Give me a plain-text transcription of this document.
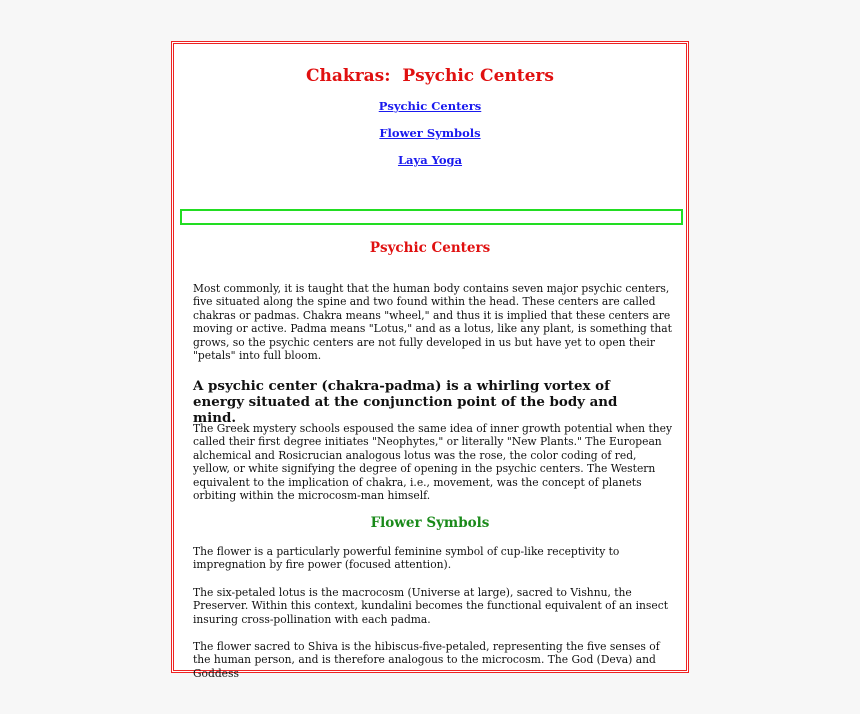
Chakras:  Psychic Centers
Psychic Centers
Flower Symbols
Laya Yoga
Psychic Centers

Most commonly, it is taught that the human body contains seven major psychic centers, five situated along the spine and two found within the head. These centers are called chakras or padmas. Chakra means "wheel," and thus it is implied that these centers are moving or active. Padma means "Lotus," and as a lotus, like any plant, is something that grows, so the psychic centers are not fully developed in us but have yet to open their "petals" into full bloom.

A psychic center (chakra-padma) is a whirling vortex of energy situated at the conjunction point of the body and mind.

The Greek mystery schools espoused the same idea of inner growth potential when they called their first degree initiates "Neophytes," or literally "New Plants." The European alchemical and Rosicrucian analogous lotus was the rose, the color coding of red, yellow, or white signifying the degree of opening in the psychic centers. The Western equivalent to the implication of chakra, i.e., movement, was the concept of planets orbiting within the microcosm-man himself.

Flower Symbols

The flower is a particularly powerful feminine symbol of cup-like receptivity to impregnation by fire power (focused attention).

The six-petaled lotus is the macrocosm (Universe at large), sacred to Vishnu, the Preserver. Within this context, kundalini becomes the functional equivalent of an insect insuring cross-pollination with each padma.

The flower sacred to Shiva is the hibiscus-five-petaled, representing the five senses of the human person, and is therefore analogous to the microcosm. The God (Deva) and Goddess
